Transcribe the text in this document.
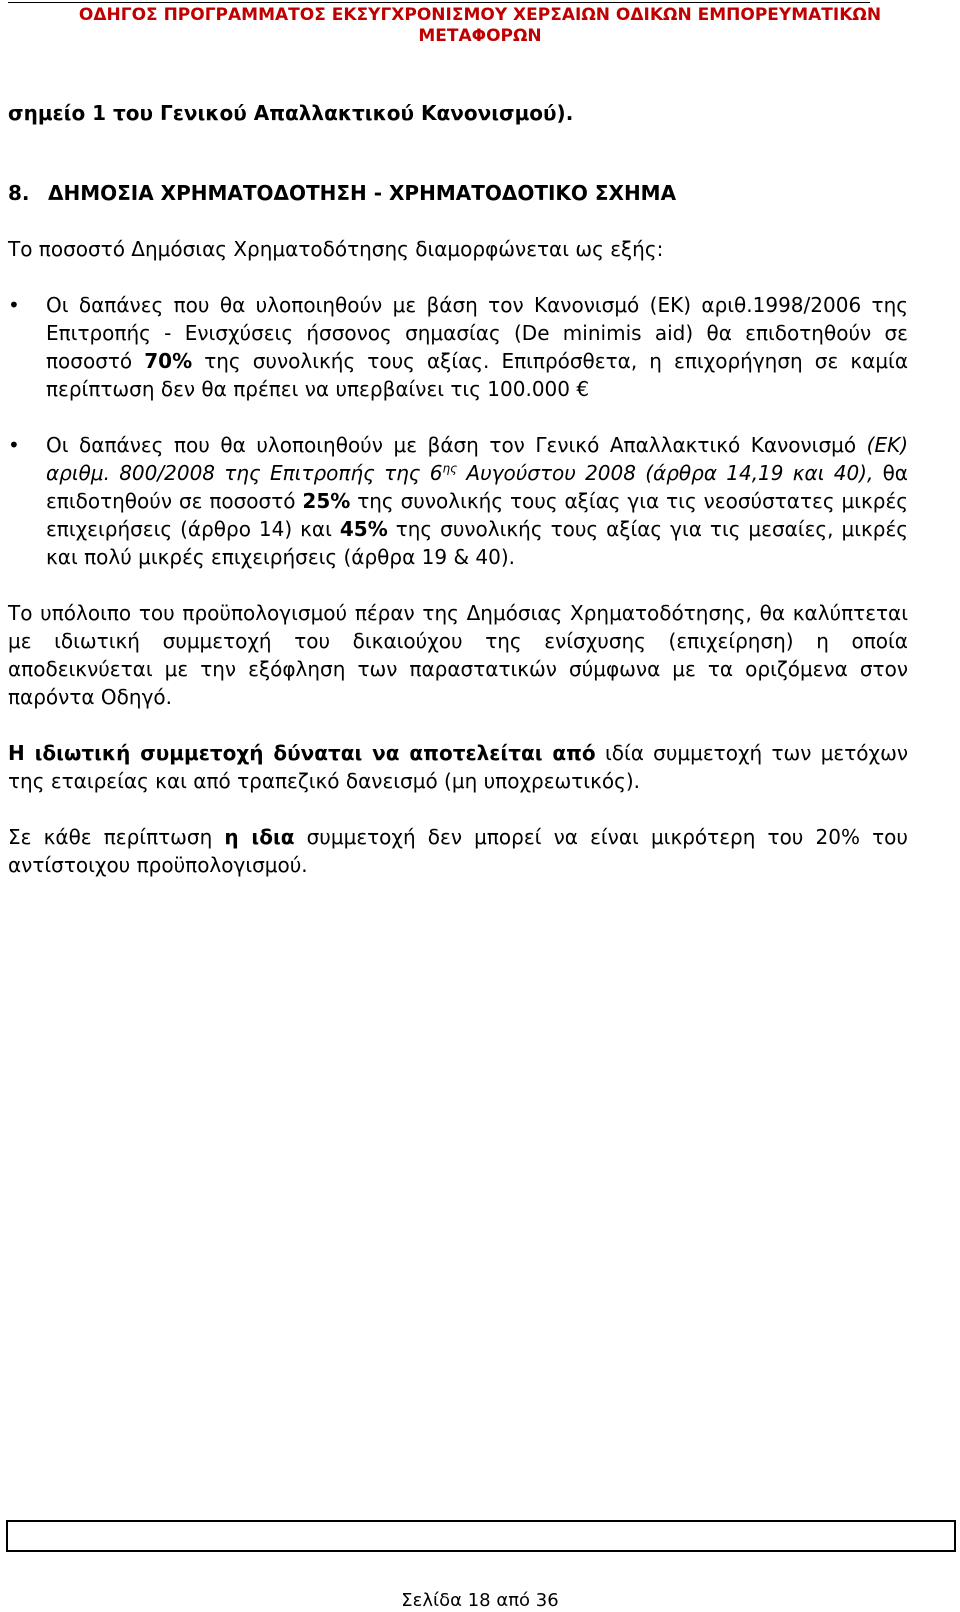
ΟΔΗΓΟΣ ΠΡΟΓΡΑΜΜΑΤΟΣ ΕΚΣΥΓΧΡΟΝΙΣΜΟΥ ΧΕΡΣΑΙΩΝ ΟΔΙΚΩΝ ΕΜΠΟΡΕΥΜΑΤΙΚΩΝ
ΜΕΤΑΦΟΡΩΝ

σημείο 1 του Γενικού Απαλλακτικού Κανονισμού).

8. ΔΗΜΟΣΙΑ ΧΡΗΜΑΤΟΔΟΤΗΣΗ - ΧΡΗΜΑΤΟΔΟΤΙΚΟ ΣΧΗΜΑ

Το ποσοστό Δημόσιας Χρηματοδότησης διαμορφώνεται ως εξής:

•	Οι δαπάνες που θα υλοποιηθούν με βάση τον Κανονισμό (ΕΚ) αριθ.1998/2006 της Επιτροπής - Ενισχύσεις ήσσονος σημασίας (De minimis aid) θα επιδοτηθούν σε ποσοστό 70% της συνολικής τους αξίας. Επιπρόσθετα, η επιχορήγηση σε καμία περίπτωση δεν θα πρέπει να υπερβαίνει τις 100.000 €
•	Οι δαπάνες που θα υλοποιηθούν με βάση τον Γενικό Απαλλακτικό Κανονισμό (ΕΚ) αριθμ. 800/2008 της Επιτροπής της $6^{\eta\varsigma}$ Αυγούστου 2008 (άρθρα 14,19 και 40), θα επιδοτηθούν σε ποσοστό 25% της συνολικής τους αξίας για τις νεοσύστατες μικρές επιχειρήσεις (άρθρο 14) και 45% της συνολικής τους αξίας για τις μεσαίες, μικρές και πολύ μικρές επιχειρήσεις (άρθρα 19 & 40).

Το υπόλοιπο του προϋπολογισμού πέραν της Δημόσιας Χρηματοδότησης, θα καλύπτεται με ιδιωτική συμμετοχή του δικαιούχου της ενίσχυσης (επιχείρηση) η οποία αποδεικνύεται με την εξόφληση των παραστατικών σύμφωνα με τα οριζόμενα στον παρόντα Οδηγό.

Η ιδιωτική συμμετοχή δύναται να αποτελείται από ιδία συμμετοχή των μετόχων της εταιρείας και από τραπεζικό δανεισμό (μη υποχρεωτικός).

Σε κάθε περίπτωση η ιδια συμμετοχή δεν μπορεί να είναι μικρότερη του 20% του αντίστοιχου προϋπολογισμού.

Σελίδα 18 από 36
